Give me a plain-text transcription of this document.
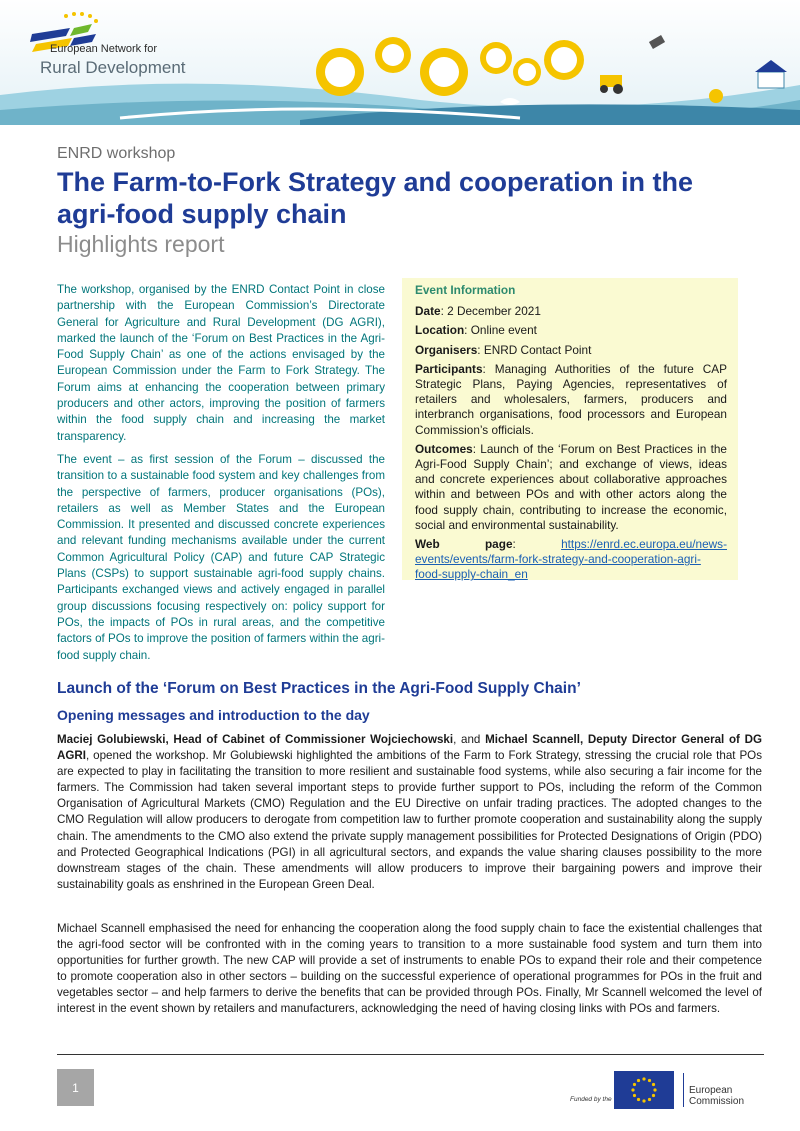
European Network for
Rural Development
ENRD workshop
The Farm-to-Fork Strategy and cooperation in the agri-food supply chain
Highlights report

The workshop, organised by the ENRD Contact Point in close partnership with the European Commission’s Directorate General for Agriculture and Rural Development (DG AGRI), marked the launch of the ‘Forum on Best Practices in the Agri-Food Supply Chain’ as one of the actions envisaged by the European Commission under the Farm to Fork Strategy. The Forum aims at enhancing the cooperation between primary producers and other actors, improving the position of farmers within the food supply chain and increasing the market transparency.

The event – as first session of the Forum – discussed the transition to a sustainable food system and key challenges from the perspective of farmers, producer organisations (POs), retailers as well as Member States and the European Commission. It presented and discussed concrete experiences and relevant funding mechanisms available under the current Common Agricultural Policy (CAP) and future CAP Strategic Plans (CSPs) to support sustainable agri-food supply chains. Participants exchanged views and actively engaged in parallel group discussions focusing respectively on: policy support for POs, the impacts of POs in rural areas, and the competitive factors of POs to improve the position of farmers within the agri-food supply chain.

Event Information
Date: 2 December 2021
Location: Online event
Organisers: ENRD Contact Point
Participants: Managing Authorities of the future CAP Strategic Plans, Paying Agencies, representatives of retailers and wholesalers, farmers, producers and interbranch organisations, food processors and European Commission’s officials.
Outcomes: Launch of the ‘Forum on Best Practices in the Agri-Food Supply Chain’; and exchange of views, ideas and concrete experiences about collaborative approaches within and between POs and with other actors along the food supply chain, contributing to increase the economic, social and environmental sustainability.
Web page: https://enrd.ec.europa.eu/news-events/events/farm-fork-strategy-and-cooperation-agri-food-supply-chain_en
Launch of the ‘Forum on Best Practices in the Agri-Food Supply Chain’
Opening messages and introduction to the day

Maciej Golubiewski, Head of Cabinet of Commissioner Wojciechowski, and Michael Scannell, Deputy Director General of DG AGRI, opened the workshop. Mr Golubiewski highlighted the ambitions of the Farm to Fork Strategy, stressing the crucial role that POs are expected to play in facilitating the transition to more resilient and sustainable food systems, while also securing a fair income for the farmers. The Commission had taken several important steps to provide further support to POs, including the reform of the Common Organisation of Agricultural Markets (CMO) Regulation and the EU Directive on unfair trading practices. The adopted changes to the CMO Regulation will allow producers to derogate from competition law to further promote cooperation and sustainability along the supply chain. The amendments to the CMO also extend the private supply management possibilities for Protected Designations of Origin (PDO) and Protected Geographical Indications (PGI) in all agricultural sectors, and expands the value sharing clauses possibility to the more downstream stages of the chain. These amendments will allow producers to improve their bargaining powers and improve their sustainability goals as enshrined in the European Green Deal.

Michael Scannell emphasised the need for enhancing the cooperation along the food supply chain to face the existential challenges that the agri-food sector will be confronted with in the coming years to transition to a more sustainable food system and turn them into opportunities for further growth. The new CAP will provide a set of instruments to enable POs to expand their role and their competence to promote cooperation also in other sectors – building on the successful experience of operational programmes for POs in the fruit and vegetables sector – and help farmers to derive the benefits that can be provided through POs. Finally, Mr Scannell welcomed the level of interest in the event shown by retailers and manufacturers, acknowledging the need of having closing links with POs and farmers.

1
Funded by the
European
Commission
